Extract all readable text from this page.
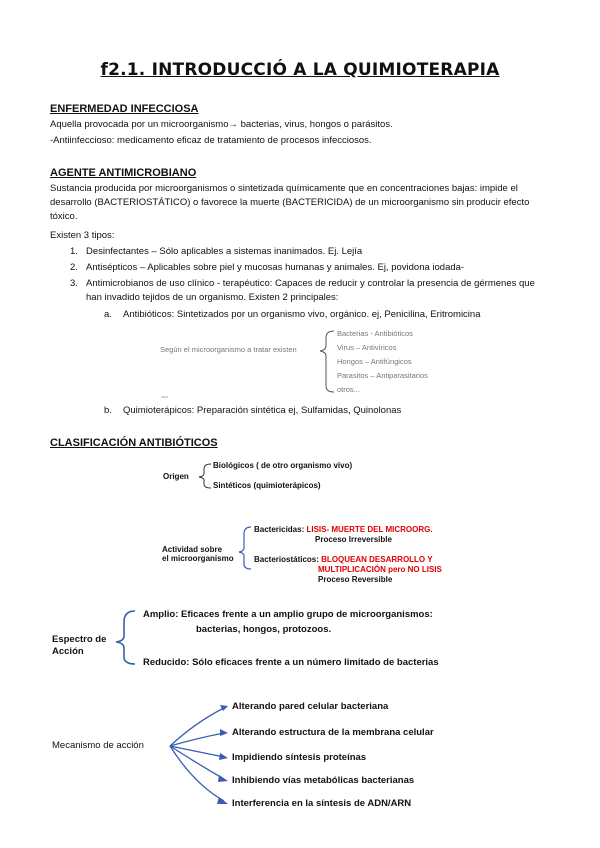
f2.1. INTRODUCCIÓ A LA QUIMIOTERAPIA
ENFERMEDAD INFECCIOSA
Aquella provocada por un microorganismo→ bacterias, virus, hongos o parásitos.
-Antiinfeccioso: medicamento eficaz de tratamiento de procesos infecciosos.
AGENTE ANTIMICROBIANO
Sustancia producida por microorganismos o sintetizada químicamente que en concentraciones bajas: impide el desarrollo (BACTERIOSTÁTICO) o favorece la muerte (BACTERICIDA) de un microorganismo sin producir efecto tóxico.
Existen 3 tipos:
1. Desinfectantes – Sólo aplicables a sistemas inanimados. Ej. Lejía
2. Antisépticos – Aplicables sobre piel y mucosas humanas y animales. Ej, povidona iodada-
3. Antimicrobianos de uso clínico - terapéutico: Capaces de reducir y controlar la presencia de gérmenes que han invadido tejidos de un organismo. Existen 2 principales:
a. Antibióticos: Sintetizados por un organismo vivo, orgánico. ej, Penicilina, Eritromicina
Según el microorganismo a tratar existen
Bacterias - Antibióticos
Virus – Antivíricos
Hongos – Antifúngicos
Parasitos – Antiparasitarios
otros...
b. Quimioterápicos: Preparación sintética ej, Sulfamidas, Quinolonas
CLASIFICACIÓN ANTIBIÓTICOS
Origen
Biológicos ( de otro organismo vivo)
Sintéticos (quimioterápicos)
Actividad sobre
el microorganismo
Bactericidas: LISIS- MUERTE DEL MICROORG.
Proceso Irreversible
Bacteriostáticos: BLOQUEAN DESARROLLO Y
MULTIPLICACIÓN pero NO LISIS
Proceso Reversible
Espectro de
Acción
Amplio: Eficaces frente a un amplio grupo de microorganismos:
bacterias, hongos, protozoos.
Reducido: Sólo eficaces frente a un número limitado de bacterias
Mecanismo de acción
Alterando pared celular bacteriana
Alterando estructura de la membrana celular
Impidiendo síntesis proteínas
Inhibiendo vías metabólicas bacterianas
Interferencia en la síntesis de ADN/ARN
